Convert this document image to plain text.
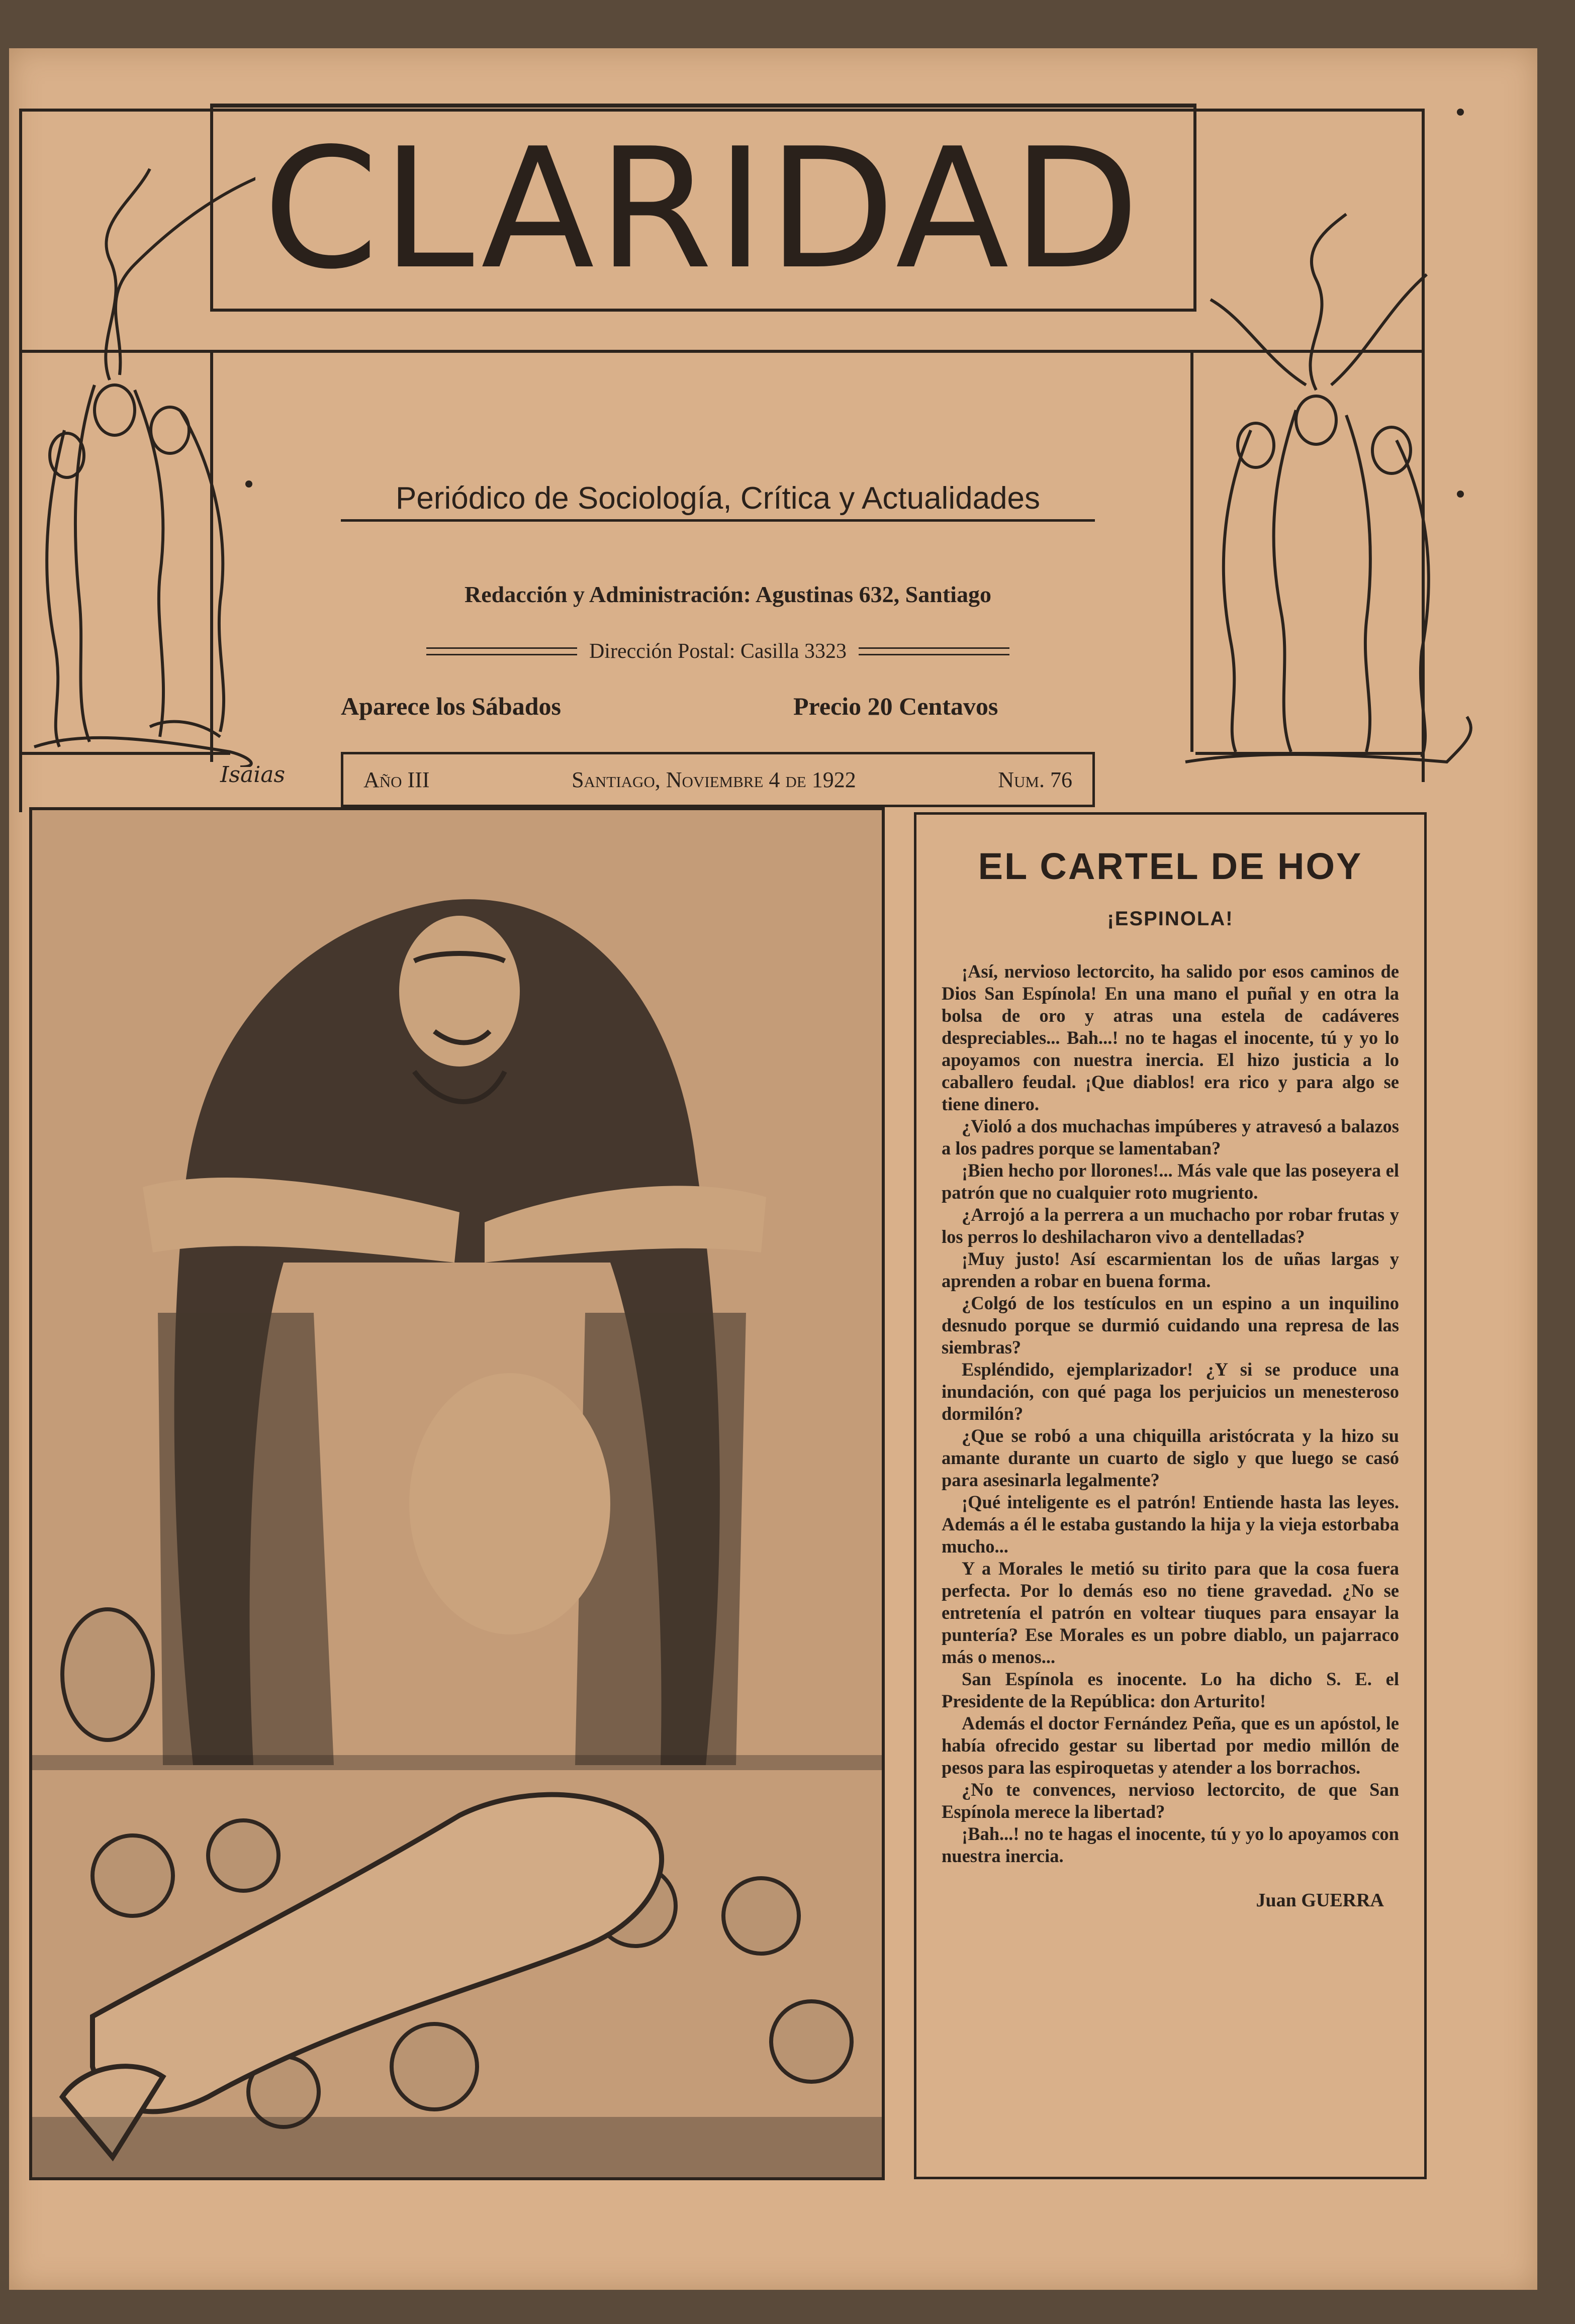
CLARIDAD
Periódico de Sociología, Crítica y Actualidades
Redacción y Administración: Agustinas 632, Santiago
Dirección Postal: Casilla 3323
Aparece los Sábados	Precio 20 Centavos
Isaias	Año III	Santiago, Noviembre 4 de 1922	Num. 76
EL CARTEL DE HOY
¡ESPINOLA!

¡Así, nervioso lectorcito, ha salido por esos caminos de Dios San Espínola! En una mano el puñal y en otra la bolsa de oro y atras una estela de cadáveres despreciables... Bah...! no te hagas el inocente, tú y yo lo apoyamos con nuestra inercia. El hizo justicia a lo caballero feudal. ¡Que diablos! era rico y para algo se tiene dinero.

¿Violó a dos muchachas impúberes y atravesó a balazos a los padres porque se lamentaban?

¡Bien hecho por llorones!... Más vale que las poseyera el patrón que no cualquier roto mugriento.

¿Arrojó a la perrera a un muchacho por robar frutas y los perros lo deshilacharon vivo a dentelladas?

¡Muy justo! Así escarmientan los de uñas largas y aprenden a robar en buena forma.

¿Colgó de los testículos en un espino a un inquilino desnudo porque se durmió cuidando una represa de las siembras?

Espléndido, ejemplarizador! ¿Y si se produce una inundación, con qué paga los perjuicios un menesteroso dormilón?

¿Que se robó a una chiquilla aristócrata y la hizo su amante durante un cuarto de siglo y que luego se casó para asesinarla legalmente?

¡Qué inteligente es el patrón! Entiende hasta las leyes. Además a él le estaba gustando la hija y la vieja estorbaba mucho...

Y a Morales le metió su tirito para que la cosa fuera perfecta. Por lo demás eso no tiene gravedad. ¿No se entretenía el patrón en voltear tiuques para ensayar la puntería? Ese Morales es un pobre diablo, un pajarraco más o menos...

San Espínola es inocente. Lo ha dicho S. E. el Presidente de la República: don Arturito!

Además el doctor Fernández Peña, que es un apóstol, le había ofrecido gestar su libertad por medio millón de pesos para las espiroquetas y atender a los borrachos.

¿No te convences, nervioso lectorcito, de que San Espínola merece la libertad?

¡Bah...! no te hagas el inocente, tú y yo lo apoyamos con nuestra inercia.

Juan GUERRA
